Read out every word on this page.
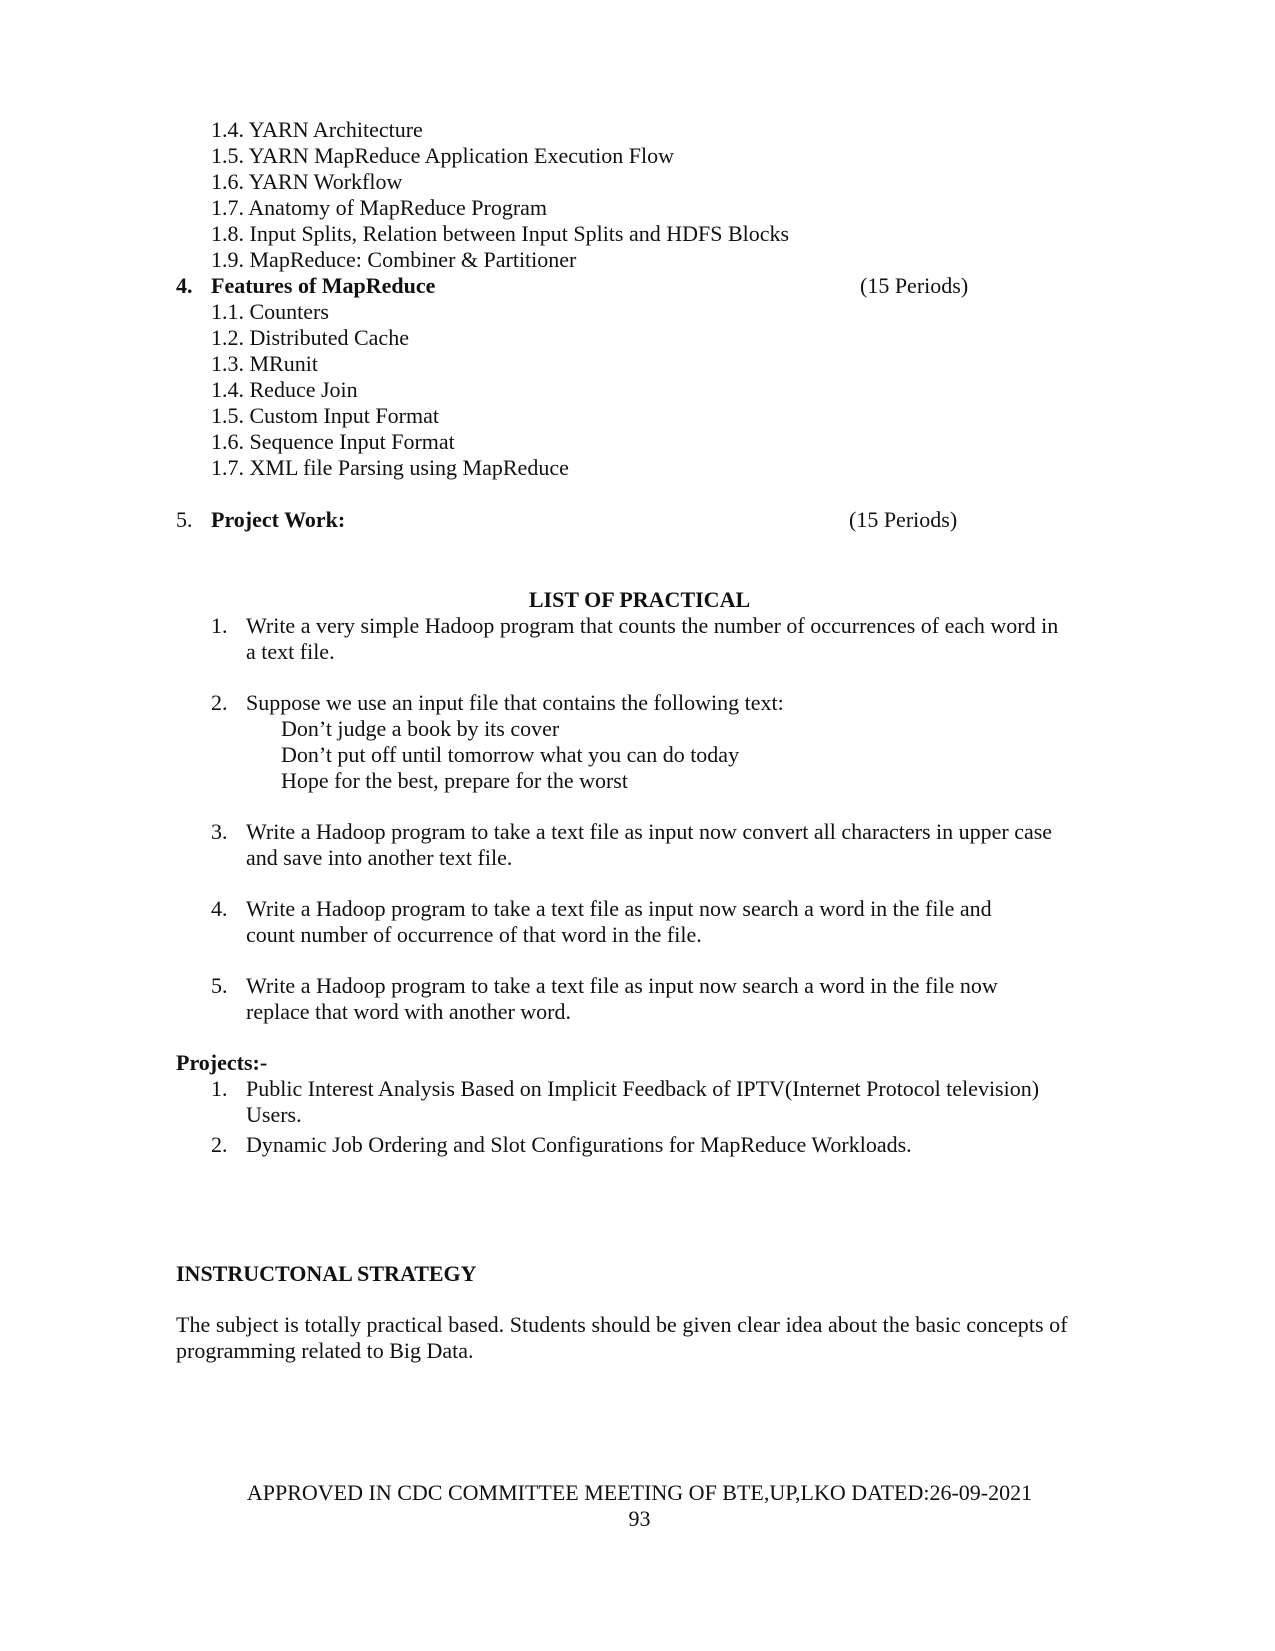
1.4. YARN Architecture
1.5. YARN MapReduce Application Execution Flow
1.6. YARN Workflow
1.7. Anatomy of MapReduce Program
1.8. Input Splits, Relation between Input Splits and HDFS Blocks
1.9. MapReduce: Combiner & Partitioner
4. Features of MapReduce	(15 Periods)
1.1. Counters
1.2. Distributed Cache
1.3. MRunit
1.4. Reduce Join
1.5. Custom Input Format
1.6. Sequence Input Format
1.7. XML file Parsing using MapReduce
5. Project Work:	(15 Periods)
LIST OF PRACTICAL
1. Write a very simple Hadoop program that counts the number of occurrences of each word in
a text file.
2. Suppose we use an input file that contains the following text:
Don’t judge a book by its cover
Don’t put off until tomorrow what you can do today
Hope for the best, prepare for the worst
3. Write a Hadoop program to take a text file as input now convert all characters in upper case
and save into another text file.
4. Write a Hadoop program to take a text file as input now search a word in the file and
count number of occurrence of that word in the file.
5. Write a Hadoop program to take a text file as input now search a word in the file now
replace that word with another word.
Projects:-
1. Public Interest Analysis Based on Implicit Feedback of IPTV(Internet Protocol television)
Users.
2. Dynamic Job Ordering and Slot Configurations for MapReduce Workloads.
INSTRUCTONAL STRATEGY
The subject is totally practical based. Students should be given clear idea about the basic concepts of
programming related to Big Data.
APPROVED IN CDC COMMITTEE MEETING OF BTE,UP,LKO DATED:26-09-2021
93
